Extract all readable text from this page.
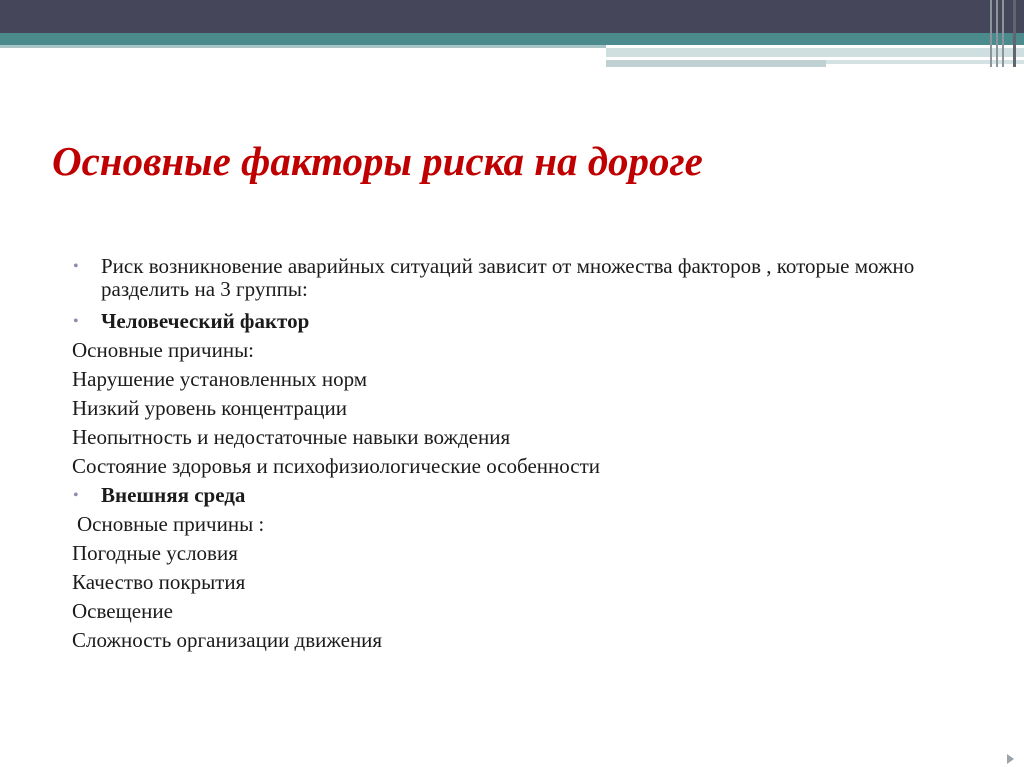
Основные факторы риска на дороге
• Риск возникновение аварийных ситуаций зависит от множества факторов , которые можно разделить на 3 группы:
• Человеческий фактор
Основные причины:
Нарушение установленных норм
Низкий уровень концентрации
Неопытность и недостаточные навыки вождения
Состояние здоровья и психофизиологические особенности
• Внешняя среда
Основные причины :
Погодные условия
Качество покрытия
Освещение
Сложность организации движения
